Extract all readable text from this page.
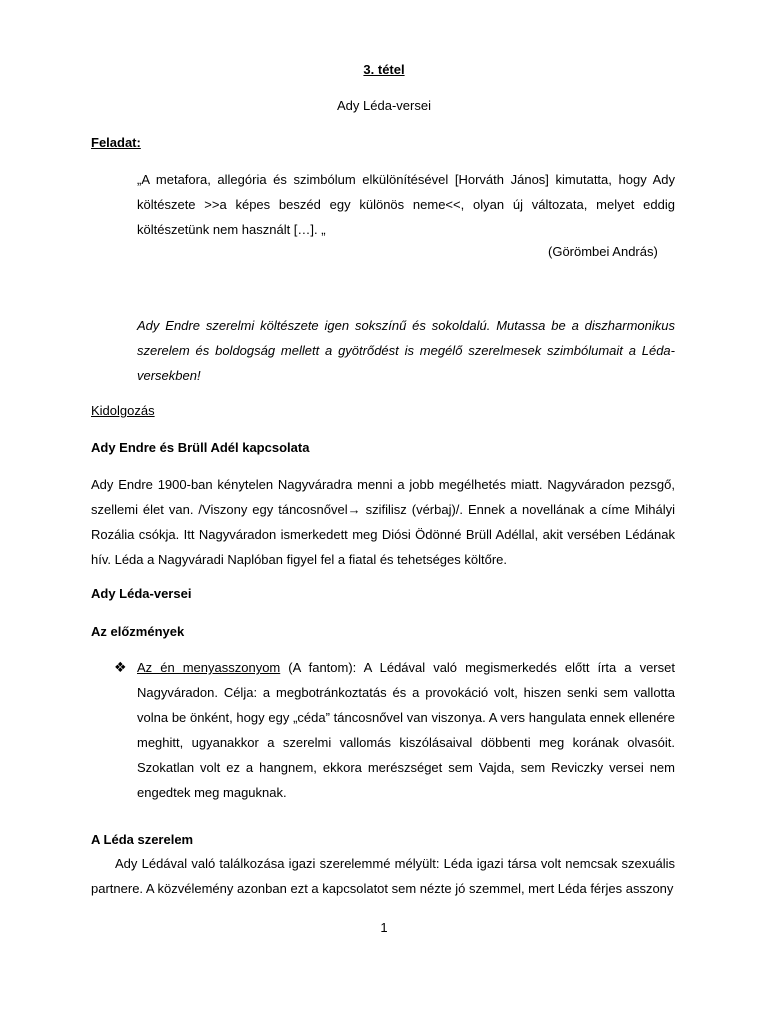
3. tétel
Ady Léda-versei
Feladat:

„A metafora, allegória és szimbólum elkülönítésével [Horváth János] kimutatta, hogy Ady költészete >>a képes beszéd egy különös neme<<, olyan új változata, melyet eddig költészetünk nem használt […]. „

(Görömbei András)

Ady Endre szerelmi költészete igen sokszínű és sokoldalú. Mutassa be a diszharmonikus szerelem és boldogság mellett a gyötrődést is megélő szerelmesek szimbólumait a Léda-versekben!

Kidolgozás
Ady Endre és Brüll Adél kapcsolata

Ady Endre 1900-ban kénytelen Nagyváradra menni a jobb megélhetés miatt. Nagyváradon pezsgő, szellemi élet van. /Viszony egy táncosnővel→ szifilisz (vérbaj)/. Ennek a novellának a címe Mihályi Rozália csókja. Itt Nagyváradon ismerkedett meg Diósi Ödönné Brüll Adéllal, akit versében Lédának hív. Léda a Nagyváradi Naplóban figyel fel a fiatal és tehetséges költőre.

Ady Léda-versei
Az előzmények
❖ Az én menyasszonyom (A fantom): A Lédával való megismerkedés előtt írta a verset Nagyváradon. Célja: a megbotránkoztatás és a provokáció volt, hiszen senki sem vallotta volna be önként, hogy egy „céda” táncosnővel van viszonya. A vers hangulata ennek ellenére meghitt, ugyanakkor a szerelmi vallomás kiszólásaival döbbenti meg korának olvasóit. Szokatlan volt ez a hangnem, ekkora merészséget sem Vajda, sem Reviczky versei nem engedtek meg maguknak.

A Léda szerelem

Ady Lédával való találkozása igazi szerelemmé mélyült: Léda igazi társa volt nemcsak szexuális partnere. A közvélemény azonban ezt a kapcsolatot sem nézte jó szemmel, mert Léda férjes asszony

1
